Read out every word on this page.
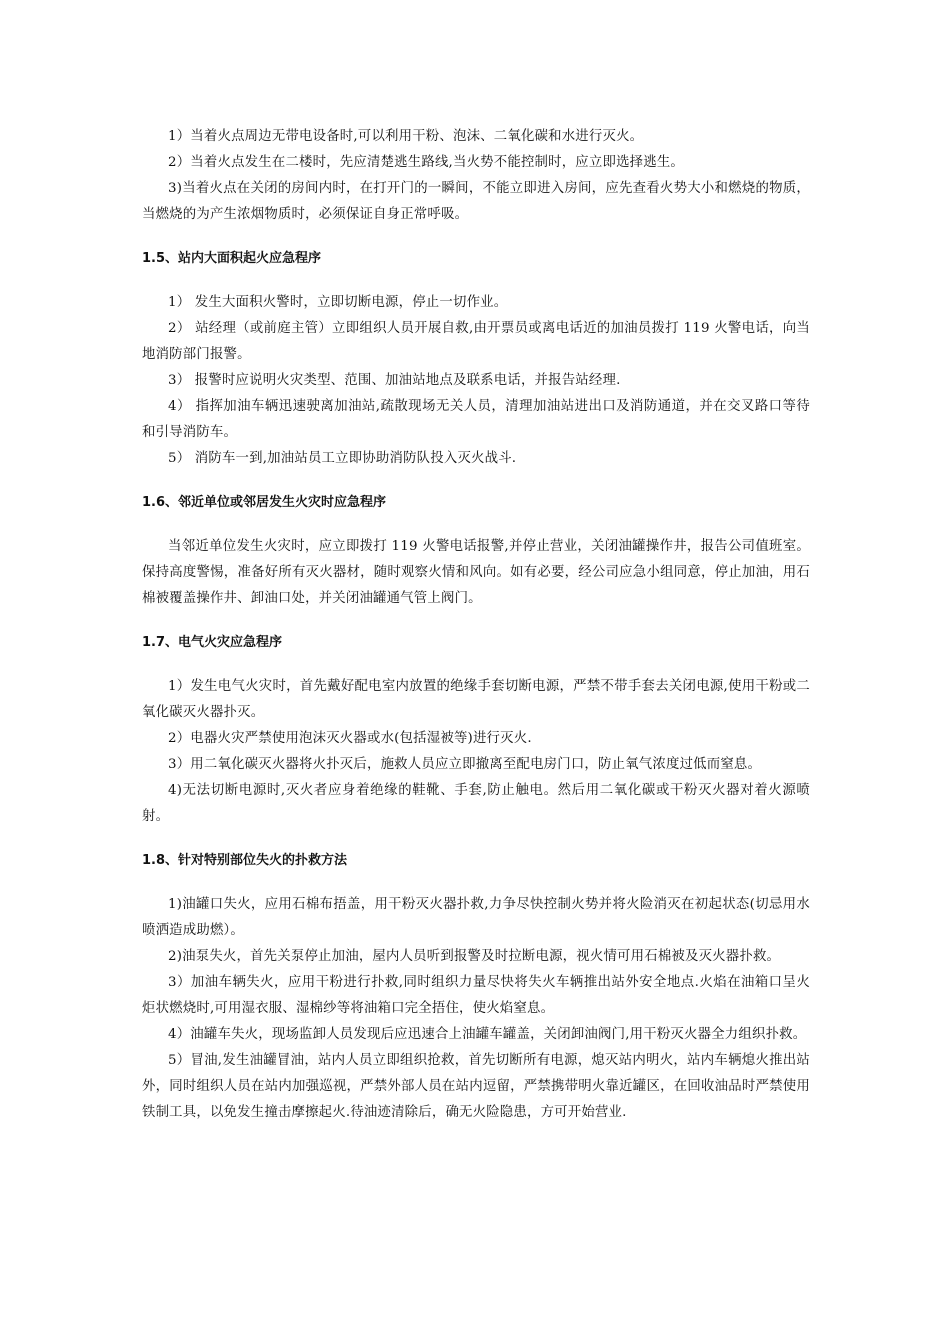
1）当着火点周边无带电设备时,可以利用干粉、泡沫、二氧化碳和水进行灭火。

2）当着火点发生在二楼时，先应清楚逃生路线,当火势不能控制时，应立即选择逃生。

3)当着火点在关闭的房间内时，在打开门的一瞬间，不能立即进入房间，应先查看火势大小和燃烧的物质，当燃烧的为产生浓烟物质时，必须保证自身正常呼吸。

1.5、站内大面积起火应急程序

1） 发生大面积火警时，立即切断电源，停止一切作业。

2） 站经理（或前庭主管）立即组织人员开展自救,由开票员或离电话近的加油员拨打 119 火警电话，向当地消防部门报警。

3） 报警时应说明火灾类型、范围、加油站地点及联系电话，并报告站经理.

4） 指挥加油车辆迅速驶离加油站,疏散现场无关人员，清理加油站进出口及消防通道，并在交叉路口等待和引导消防车。

5） 消防车一到,加油站员工立即协助消防队投入灭火战斗.

1.6、邻近单位或邻居发生火灾时应急程序

当邻近单位发生火灾时，应立即拨打 119 火警电话报警,并停止营业，关闭油罐操作井，报告公司值班室。保持高度警惕，准备好所有灭火器材，随时观察火情和风向。如有必要，经公司应急小组同意，停止加油，用石棉被覆盖操作井、卸油口处，并关闭油罐通气管上阀门。

1.7、电气火灾应急程序

1）发生电气火灾时，首先戴好配电室内放置的绝缘手套切断电源，严禁不带手套去关闭电源,使用干粉或二氧化碳灭火器扑灭。

2）电器火灾严禁使用泡沫灭火器或水(包括湿被等)进行灭火.

3）用二氧化碳灭火器将火扑灭后，施救人员应立即撤离至配电房门口，防止氧气浓度过低而窒息。

4)无法切断电源时,灭火者应身着绝缘的鞋靴、手套,防止触电。然后用二氧化碳或干粉灭火器对着火源喷射。

1.8、针对特别部位失火的扑救方法

1)油罐口失火，应用石棉布捂盖，用干粉灭火器扑救,力争尽快控制火势并将火险消灭在初起状态(切忌用水喷洒造成助燃）。

2)油泵失火，首先关泵停止加油，屋内人员听到报警及时拉断电源，视火情可用石棉被及灭火器扑救。

3）加油车辆失火，应用干粉进行扑救,同时组织力量尽快将失火车辆推出站外安全地点.火焰在油箱口呈火炬状燃烧时,可用湿衣服、湿棉纱等将油箱口完全捂住，使火焰窒息。

4）油罐车失火，现场监卸人员发现后应迅速合上油罐车罐盖，关闭卸油阀门,用干粉灭火器全力组织扑救。

5）冒油,发生油罐冒油，站内人员立即组织抢救，首先切断所有电源，熄灭站内明火，站内车辆熄火推出站外，同时组织人员在站内加强巡视，严禁外部人员在站内逗留，严禁携带明火靠近罐区，在回收油品时严禁使用铁制工具，以免发生撞击摩擦起火.待油迹清除后，确无火险隐患，方可开始营业.
